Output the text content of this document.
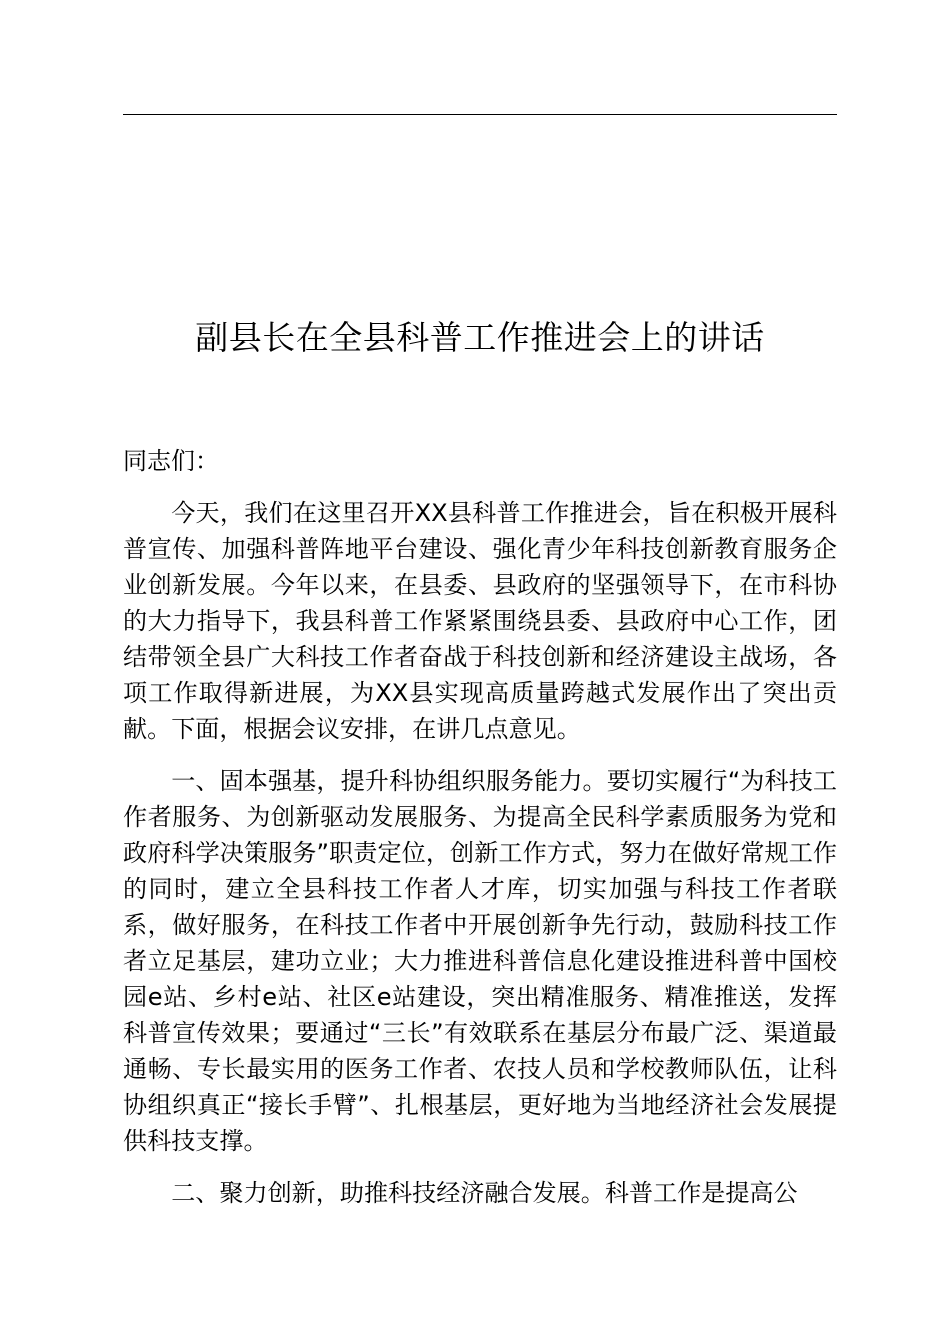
副县长在全县科普工作推进会上的讲话

同志们：

今天，我们在这里召开XX县科普工作推进会，旨在积极开展科普宣传、加强科普阵地平台建设、强化青少年科技创新教育服务企业创新发展。今年以来，在县委、县政府的坚强领导下，在市科协的大力指导下，我县科普工作紧紧围绕县委、县政府中心工作，团结带领全县广大科技工作者奋战于科技创新和经济建设主战场，各项工作取得新进展，为XX县实现高质量跨越式发展作出了突出贡献。下面，根据会议安排，在讲几点意见。

一、固本强基，提升科协组织服务能力。要切实履行“为科技工作者服务、为创新驱动发展服务、为提高全民科学素质服务为党和政府科学决策服务”职责定位，创新工作方式，努力在做好常规工作的同时，建立全县科技工作者人才库，切实加强与科技工作者联系，做好服务，在科技工作者中开展创新争先行动，鼓励科技工作者立足基层，建功立业；大力推进科普信息化建设推进科普中国校园e站、乡村e站、社区e站建设，突出精准服务、精准推送，发挥科普宣传效果；要通过“三长”有效联系在基层分布最广泛、渠道最通畅、专长最实用的医务工作者、农技人员和学校教师队伍，让科协组织真正“接长手臂”、扎根基层，更好地为当地经济社会发展提供科技支撑。

二、聚力创新，助推科技经济融合发展。科普工作是提高公
